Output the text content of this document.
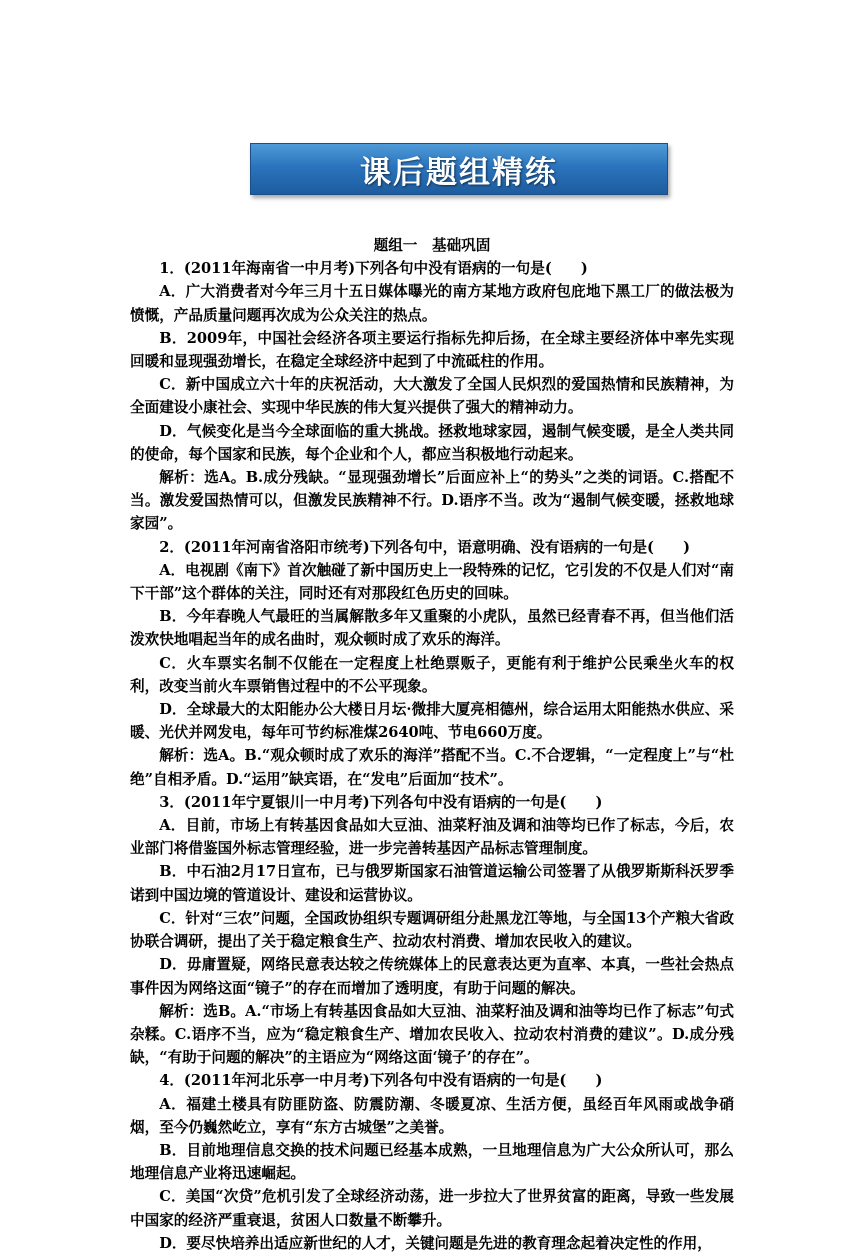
课后题组精练
题组一　基础巩固

1．(2011年海南省一中月考)下列各句中没有语病的一句是(　　)

A．广大消费者对今年三月十五日媒体曝光的南方某地方政府包庇地下黑工厂的做法极为愤慨，产品质量问题再次成为公众关注的热点。

B．2009年，中国社会经济各项主要运行指标先抑后扬，在全球主要经济体中率先实现回暖和显现强劲增长，在稳定全球经济中起到了中流砥柱的作用。

C．新中国成立六十年的庆祝活动，大大激发了全国人民炽烈的爱国热情和民族精神，为全面建设小康社会、实现中华民族的伟大复兴提供了强大的精神动力。

D．气候变化是当今全球面临的重大挑战。拯救地球家园，遏制气候变暖，是全人类共同的使命，每个国家和民族，每个企业和个人，都应当积极地行动起来。

解析：选A。B.成分残缺。“显现强劲增长”后面应补上“的势头”之类的词语。C.搭配不当。激发爱国热情可以，但激发民族精神不行。D.语序不当。改为“遏制气候变暖，拯救地球家园”。

2．(2011年河南省洛阳市统考)下列各句中，语意明确、没有语病的一句是(　　)

A．电视剧《南下》首次触碰了新中国历史上一段特殊的记忆，它引发的不仅是人们对“南下干部”这个群体的关注，同时还有对那段红色历史的回味。

B．今年春晚人气最旺的当属解散多年又重聚的小虎队，虽然已经青春不再，但当他们活泼欢快地唱起当年的成名曲时，观众顿时成了欢乐的海洋。

C．火车票实名制不仅能在一定程度上杜绝票贩子，更能有利于维护公民乘坐火车的权利，改变当前火车票销售过程中的不公平现象。

D．全球最大的太阳能办公大楼日月坛·微排大厦亮相德州，综合运用太阳能热水供应、采暖、光伏并网发电，每年可节约标准煤2640吨、节电660万度。

解析：选A。B.“观众顿时成了欢乐的海洋”搭配不当。C.不合逻辑，“一定程度上”与“杜绝”自相矛盾。D.“运用”缺宾语，在“发电”后面加“技术”。

3．(2011年宁夏银川一中月考)下列各句中没有语病的一句是(　　)

A．目前，市场上有转基因食品如大豆油、油菜籽油及调和油等均已作了标志，今后，农业部门将借鉴国外标志管理经验，进一步完善转基因产品标志管理制度。

B．中石油2月17日宣布，已与俄罗斯国家石油管道运输公司签署了从俄罗斯斯科沃罗季诺到中国边境的管道设计、建设和运营协议。

C．针对“三农”问题，全国政协组织专题调研组分赴黑龙江等地，与全国13个产粮大省政协联合调研，提出了关于稳定粮食生产、拉动农村消费、增加农民收入的建议。

D．毋庸置疑，网络民意表达较之传统媒体上的民意表达更为直率、本真，一些社会热点事件因为网络这面“镜子”的存在而增加了透明度，有助于问题的解决。

解析：选B。A.“市场上有转基因食品如大豆油、油菜籽油及调和油等均已作了标志”句式杂糅。C.语序不当，应为“稳定粮食生产、增加农民收入、拉动农村消费的建议”。D.成分残缺，“有助于问题的解决”的主语应为“网络这面‘镜子’的存在”。

4．(2011年河北乐亭一中月考)下列各句中没有语病的一句是(　　)

A．福建土楼具有防匪防盗、防震防潮、冬暖夏凉、生活方便，虽经百年风雨或战争硝烟，至今仍巍然屹立，享有“东方古城堡”之美誉。

B．目前地理信息交换的技术问题已经基本成熟，一旦地理信息为广大公众所认可，那么地理信息产业将迅速崛起。

C．美国“次贷”危机引发了全球经济动荡，进一步拉大了世界贫富的距离，导致一些发展中国家的经济严重衰退，贫困人口数量不断攀升。

D．要尽快培养出适应新世纪的人才，关键问题是先进的教育理念起着决定性的作用，
